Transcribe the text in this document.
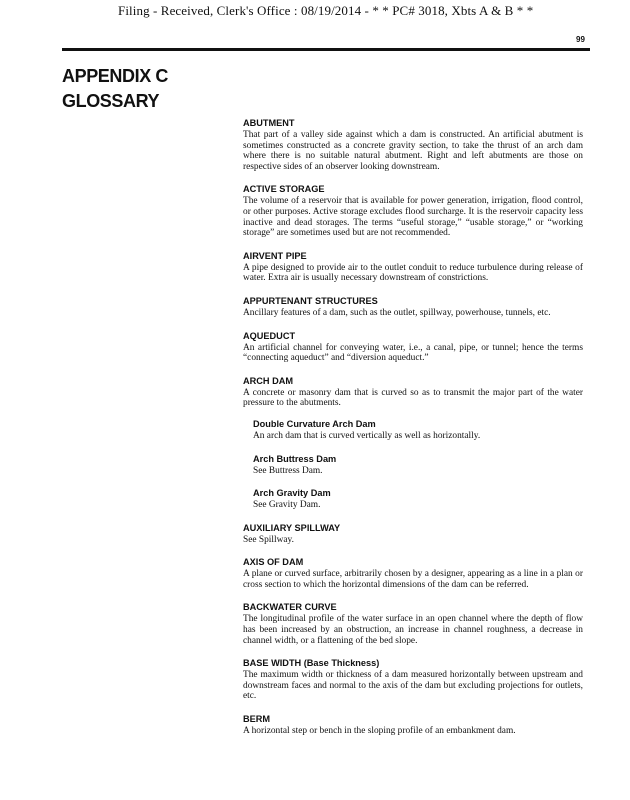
Filing - Received, Clerk's Office : 08/19/2014 - * * PC# 3018, Xbts A & B * *
99
APPENDIX C
GLOSSARY
ABUTMENT
That part of a valley side against which a dam is constructed. An artificial abutment is sometimes constructed as a concrete gravity section, to take the thrust of an arch dam where there is no suitable natural abutment. Right and left abutments are those on respective sides of an observer looking downstream.
ACTIVE STORAGE
The volume of a reservoir that is available for power generation, irrigation, flood control, or other purposes. Active storage excludes flood surcharge. It is the reservoir capacity less inactive and dead storages. The terms “useful storage,” “usable storage,” or “working storage” are sometimes used but are not recommended.
AIRVENT PIPE
A pipe designed to provide air to the outlet conduit to reduce turbulence during release of water. Extra air is usually necessary downstream of constrictions.
APPURTENANT STRUCTURES
Ancillary features of a dam, such as the outlet, spillway, powerhouse, tunnels, etc.
AQUEDUCT
An artificial channel for conveying water, i.e., a canal, pipe, or tunnel; hence the terms “connecting aqueduct” and “diversion aqueduct.”
ARCH DAM
A concrete or masonry dam that is curved so as to transmit the major part of the water pressure to the abutments.
Double Curvature Arch Dam
An arch dam that is curved vertically as well as horizontally.
Arch Buttress Dam
See Buttress Dam.
Arch Gravity Dam
See Gravity Dam.
AUXILIARY SPILLWAY
See Spillway.
AXIS OF DAM
A plane or curved surface, arbitrarily chosen by a designer, appearing as a line in a plan or cross section to which the horizontal dimensions of the dam can be referred.
BACKWATER CURVE
The longitudinal profile of the water surface in an open channel where the depth of flow has been increased by an obstruction, an increase in channel roughness, a decrease in channel width, or a flattening of the bed slope.
BASE WIDTH (Base Thickness)
The maximum width or thickness of a dam measured horizontally between upstream and downstream faces and normal to the axis of the dam but excluding projections for outlets, etc.
BERM
A horizontal step or bench in the sloping profile of an embankment dam.
